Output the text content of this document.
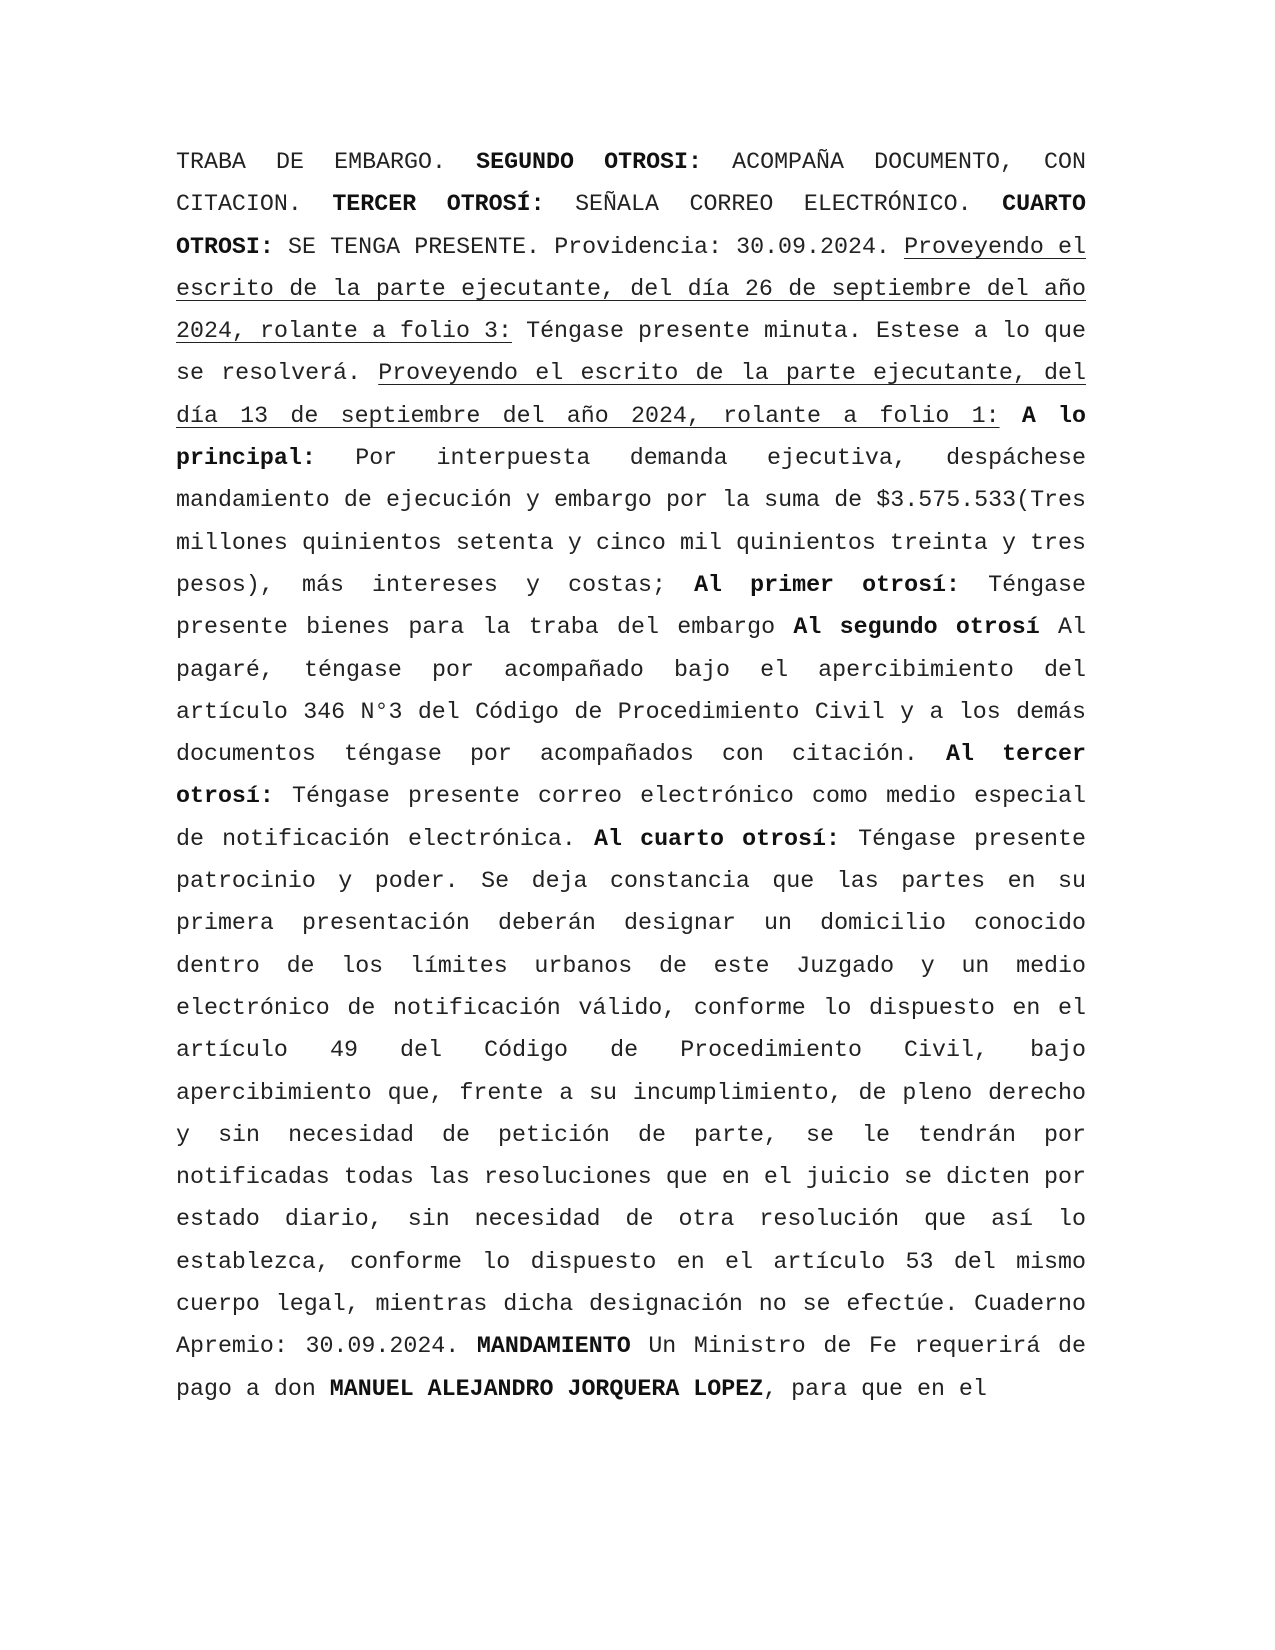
TRABA DE EMBARGO. SEGUNDO OTROSI: ACOMPAÑA DOCUMENTO, CON CITACION. TERCER OTROSÍ: SEÑALA CORREO ELECTRÓNICO. CUARTO OTROSI: SE TENGA PRESENTE. Providencia: 30.09.2024. Proveyendo el escrito de la parte ejecutante, del día 26 de septiembre del año 2024, rolante a folio 3: Téngase presente minuta. Estese a lo que se resolverá. Proveyendo el escrito de la parte ejecutante, del día 13 de septiembre del año 2024, rolante a folio 1: A lo principal: Por interpuesta demanda ejecutiva, despáchese mandamiento de ejecución y embargo por la suma de $3.575.533(Tres millones quinientos setenta y cinco mil quinientos treinta y tres pesos), más intereses y costas; Al primer otrosí: Téngase presente bienes para la traba del embargo Al segundo otrosí Al pagaré, téngase por acompañado bajo el apercibimiento del artículo 346 N°3 del Código de Procedimiento Civil y a los demás documentos téngase por acompañados con citación. Al tercer otrosí: Téngase presente correo electrónico como medio especial de notificación electrónica. Al cuarto otrosí: Téngase presente patrocinio y poder. Se deja constancia que las partes en su primera presentación deberán designar un domicilio conocido dentro de los límites urbanos de este Juzgado y un medio electrónico de notificación válido, conforme lo dispuesto en el artículo 49 del Código de Procedimiento Civil, bajo apercibimiento que, frente a su incumplimiento, de pleno derecho y sin necesidad de petición de parte, se le tendrán por notificadas todas las resoluciones que en el juicio se dicten por estado diario, sin necesidad de otra resolución que así lo establezca, conforme lo dispuesto en el artículo 53 del mismo cuerpo legal, mientras dicha designación no se efectúe. Cuaderno Apremio: 30.09.2024. MANDAMIENTO Un Ministro de Fe requerirá de pago a don MANUEL ALEJANDRO JORQUERA LOPEZ, para que en el
